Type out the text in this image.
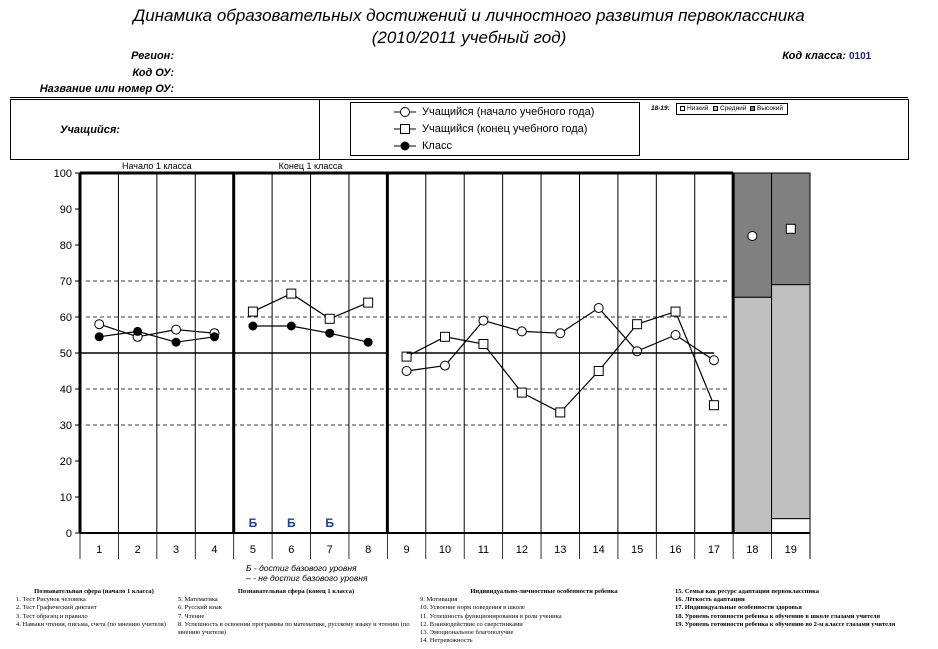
Динамика образовательных достижений и личностного развития первоклассника
(2010/2011 учебный год)
Регион:
Код ОУ:
Название или номер ОУ:
Код класса: 0101
Учащийся:
Учащийся (начало учебного года)
Учащийся (конец учебного года)
Класс
18-19:	Низкий Средний Высокий
0
10
20
30
40
50
60
70
80
90
100
1	2	3	4	5	6	7	8	9	10 11 12 13 14 15 16 17 18 19
Начало 1 класса	Конец 1 класса
Б Б Б
Б - достиг базового уровня
– - не достиг базового уровня
Познавательная сфера (начало 1 класса)
1. Тест Рисунок человека
2. Тест Графический диктант
3. Тест образец и правило
4. Навыки чтения, письма, счета (по мнению учителя)
Познавательная сфера (конец 1 класса)
5. Математика
6. Русский язык
7. Чтение
8. Успешность в освоении программы по математике, русскому языку и чтению (по мнению учителя)
Индивидуально-личностные особенности ребенка
9. Мотивация
10. Усвоение норм поведения в школе
11. Успешность функционирования в роли ученика
12. Взаимодействие со сверстниками
13. Эмоциональное благополучие
14. Нетревожность
15. Семья как ресурс адаптации первоклассника
16. Лёгкость адаптации
17. Индивидуальные особенности здоровья
18. Уровень готовности ребенка к обучению в школе глазами учителя
19. Уровень готовности ребенка к обучению во 2-м классе глазами учителя
